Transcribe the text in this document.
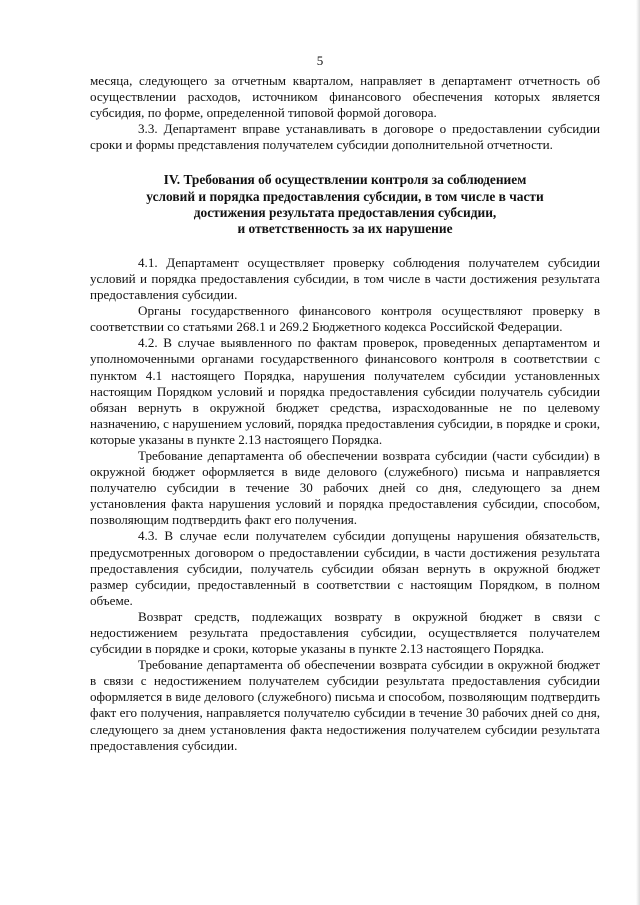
5

месяца, следующего за отчетным кварталом, направляет в департамент отчетность об осуществлении расходов, источником финансового обеспечения которых является субсидия, по форме, определенной типовой формой договора.

3.3. Департамент вправе устанавливать в договоре о предоставлении субсидии сроки и формы представления получателем субсидии дополнительной отчетности.

IV. Требования об осуществлении контроля за соблюдением
условий и порядка предоставления субсидии, в том числе в части
достижения результата предоставления субсидии,
и ответственность за их нарушение

4.1. Департамент осуществляет проверку соблюдения получателем субсидии условий и порядка предоставления субсидии, в том числе в части достижения результата предоставления субсидии.

Органы государственного финансового контроля осуществляют проверку в соответствии со статьями 268.1 и 269.2 Бюджетного кодекса Российской Федерации.

4.2. В случае выявленного по фактам проверок, проведенных департаментом и уполномоченными органами государственного финансового контроля в соответствии с пунктом 4.1 настоящего Порядка, нарушения получателем субсидии установленных настоящим Порядком условий и порядка предоставления субсидии получатель субсидии обязан вернуть в окружной бюджет средства, израсходованные не по целевому назначению, с нарушением условий, порядка предоставления субсидии, в порядке и сроки, которые указаны в пункте 2.13 настоящего Порядка.

Требование департамента об обеспечении возврата субсидии (части субсидии) в окружной бюджет оформляется в виде делового (служебного) письма и направляется получателю субсидии в течение 30 рабочих дней со дня, следующего за днем установления факта нарушения условий и порядка предоставления субсидии, способом, позволяющим подтвердить факт его получения.

4.3. В случае если получателем субсидии допущены нарушения обязательств, предусмотренных договором о предоставлении субсидии, в части достижения результата предоставления субсидии, получатель субсидии обязан вернуть в окружной бюджет размер субсидии, предоставленный в соответствии с настоящим Порядком, в полном объеме.

Возврат средств, подлежащих возврату в окружной бюджет в связи с недостижением результата предоставления субсидии, осуществляется получателем субсидии в порядке и сроки, которые указаны в пункте 2.13 настоящего Порядка.

Требование департамента об обеспечении возврата субсидии в окружной бюджет в связи с недостижением получателем субсидии результата предоставления субсидии оформляется в виде делового (служебного) письма и способом, позволяющим подтвердить факт его получения, направляется получателю субсидии в течение 30 рабочих дней со дня, следующего за днем установления факта недостижения получателем субсидии результата предоставления субсидии.
